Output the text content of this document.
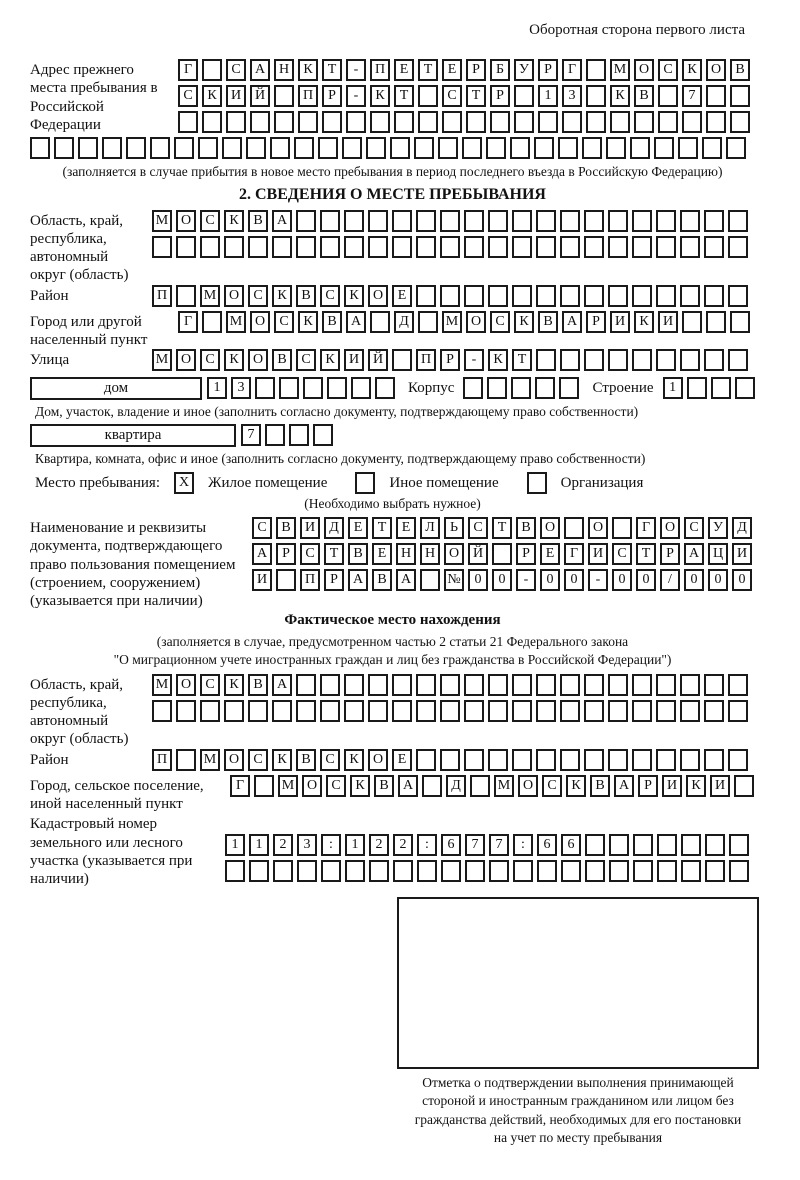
Оборотная сторона первого листа
Адрес прежнего места пребывания в Российской Федерации
Г	С	А Н	К	Т	-	П	Е	Т	Е	Р	Б	У	Р	Г	М О	С	К	О	В
С	К	И Й	П	Р	-	К	Т	С	Т	Р	1	3	К	В	7
(заполняется в случае прибытия в новое место пребывания в период последнего въезда в Российскую Федерацию)
2. СВЕДЕНИЯ О МЕСТЕ ПРЕБЫВАНИЯ
Область, край, республика, автономный округ (область)
М О	С	К	В	А
Район	П	М О	С	К	В	С	К	О	Е
Город или другой населенный пункт
Г	М О	С	К	В	А	Д	М О	С	К	В	А	Р	И	К	И
Улица	М О	С	К	О	В	С	К	И Й	П	Р	-	К	Т
дом	1	3	Корпус	Строение	1
Дом, участок, владение и иное (заполнить согласно документу, подтверждающему право собственности)
квартира	7
Квартира, комната, офис и иное (заполнить согласно документу, подтверждающему право собственности)
Место пребывания:	X	Жилое помещение	Иное помещение	Организация
(Необходимо выбрать нужное)
Наименование и реквизиты документа, подтверждающего право пользования помещением (строением, сооружением) (указывается при наличии)
С	В	И	Д	Е	Т	Е	Л	Ь	С	Т	В	О	О	Г	О	С	У	Д
А	Р	С	Т	В	Е	Н Н О Й	Р	Е	Г	И	С	Т	Р	А Ц И
И	П	Р	А	В	А	№ 0	0	-	0	0	-	0	0	/	0	0	0
Фактическое место нахождения
(заполняется в случае, предусмотренном частью 2 статьи 21 Федерального закона
"О миграционном учете иностранных граждан и лиц без гражданства в Российской Федерации")
Область, край, республика, автономный округ (область)
М О	С	К	В	А
Район	П	М О	С	К	В	С	К	О	Е
Город, сельское поселение, иной населенный пункт
Г	М О	С	К	В	А	Д	М О	С	К	В	А	Р	И	К	И
Кадастровый номер земельного или лесного участка (указывается при наличии)
1	1	2	3	:	1	2	2	:	6	7	7	:	6	6
Отметка о подтверждении выполнения принимающей
стороной и иностранным гражданином или лицом без
гражданства действий, необходимых для его постановки
на учет по месту пребывания
